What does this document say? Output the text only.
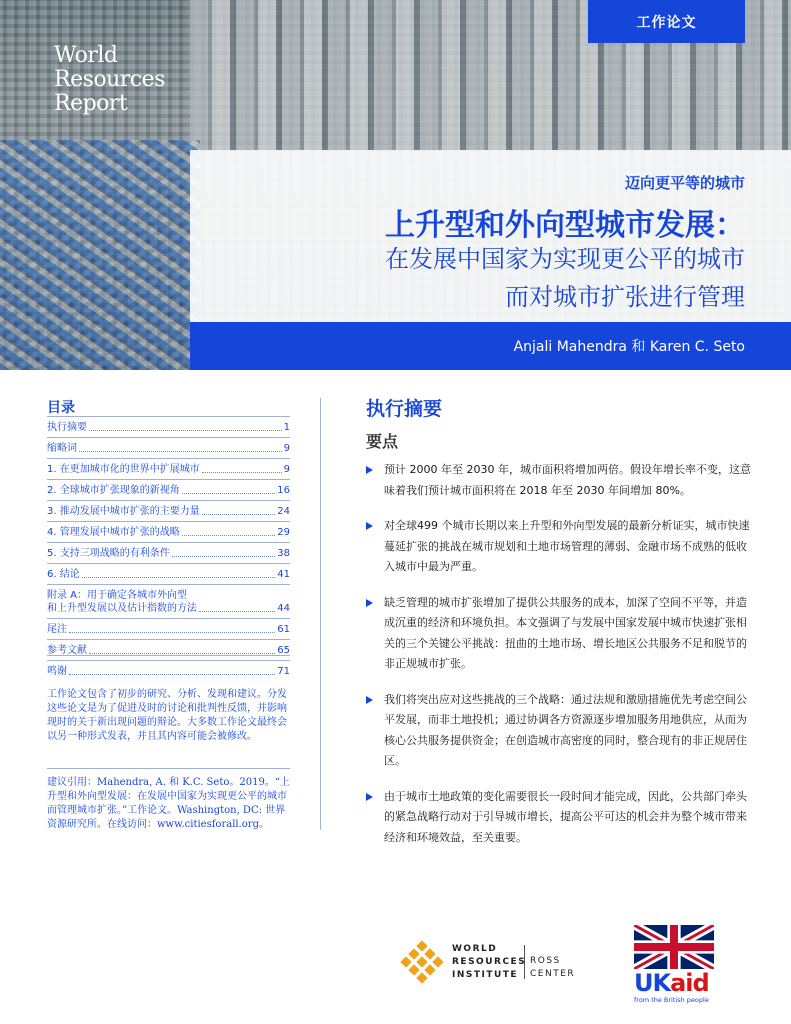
World
Resources
Report
工作论文
迈向更平等的城市
上升型和外向型城市发展：
在发展中国家为实现更公平的城市
而对城市扩张进行管理
Anjali Mahendra 和 Karen C. Seto
目录
执行摘要	1
缩略词	9
1. 在更加城市化的世界中扩展城市	9
2. 全球城市扩张现象的新视角	16
3. 推动发展中城市扩张的主要力量	24
4. 管理发展中城市扩张的战略	29
5. 支持三项战略的有利条件	38
6. 结论	41
附录 A：用于确定各城市外向型
和上升型发展以及估计指数的方法	44
尾注	61
参考文献	65
鸣谢	71
工作论文包含了初步的研究、分析、发现和建议。分发这些论文是为了促进及时的讨论和批判性反馈，并影响现时的关于新出现问题的辩论。大多数工作论文最终会以另一种形式发表，并且其内容可能会被修改。
建议引用：Mahendra, A. 和 K.C. Seto。2019。“上升型和外向型发展：在发展中国家为实现更公平的城市而管理城市扩张。”工作论文。Washington, DC: 世界资源研究所。在线访问：www.citiesforall.org。
执行摘要
要点
预计 2000 年至 2030 年，城市面积将增加两倍。假设年增长率不变，这意味着我们预计城市面积将在 2018 年至 2030 年间增加 80%。
对全球499 个城市长期以来上升型和外向型发展的最新分析证实，城市快速蔓延扩张的挑战在城市规划和土地市场管理的薄弱、金融市场不成熟的低收入城市中最为严重。
缺乏管理的城市扩张增加了提供公共服务的成本，加深了空间不平等，并造成沉重的经济和环境负担。本文强调了与发展中国家发展中城市快速扩张相关的三个关键公平挑战：扭曲的土地市场、增长地区公共服务不足和脱节的非正规城市扩张。
我们将突出应对这些挑战的三个战略：通过法规和激励措施优先考虑空间公平发展，而非土地投机；通过协调各方资源逐步增加服务用地供应，从而为核心公共服务提供资金；在创造城市高密度的同时，整合现有的非正规居住区。
由于城市土地政策的变化需要很长一段时间才能完成，因此，公共部门牵头的紧急战略行动对于引导城市增长，提高公平可达的机会并为整个城市带来经济和环境效益，至关重要。
WORLD
RESOURCES
INSTITUTE
ROSS
CENTER UKaid
from the British people
